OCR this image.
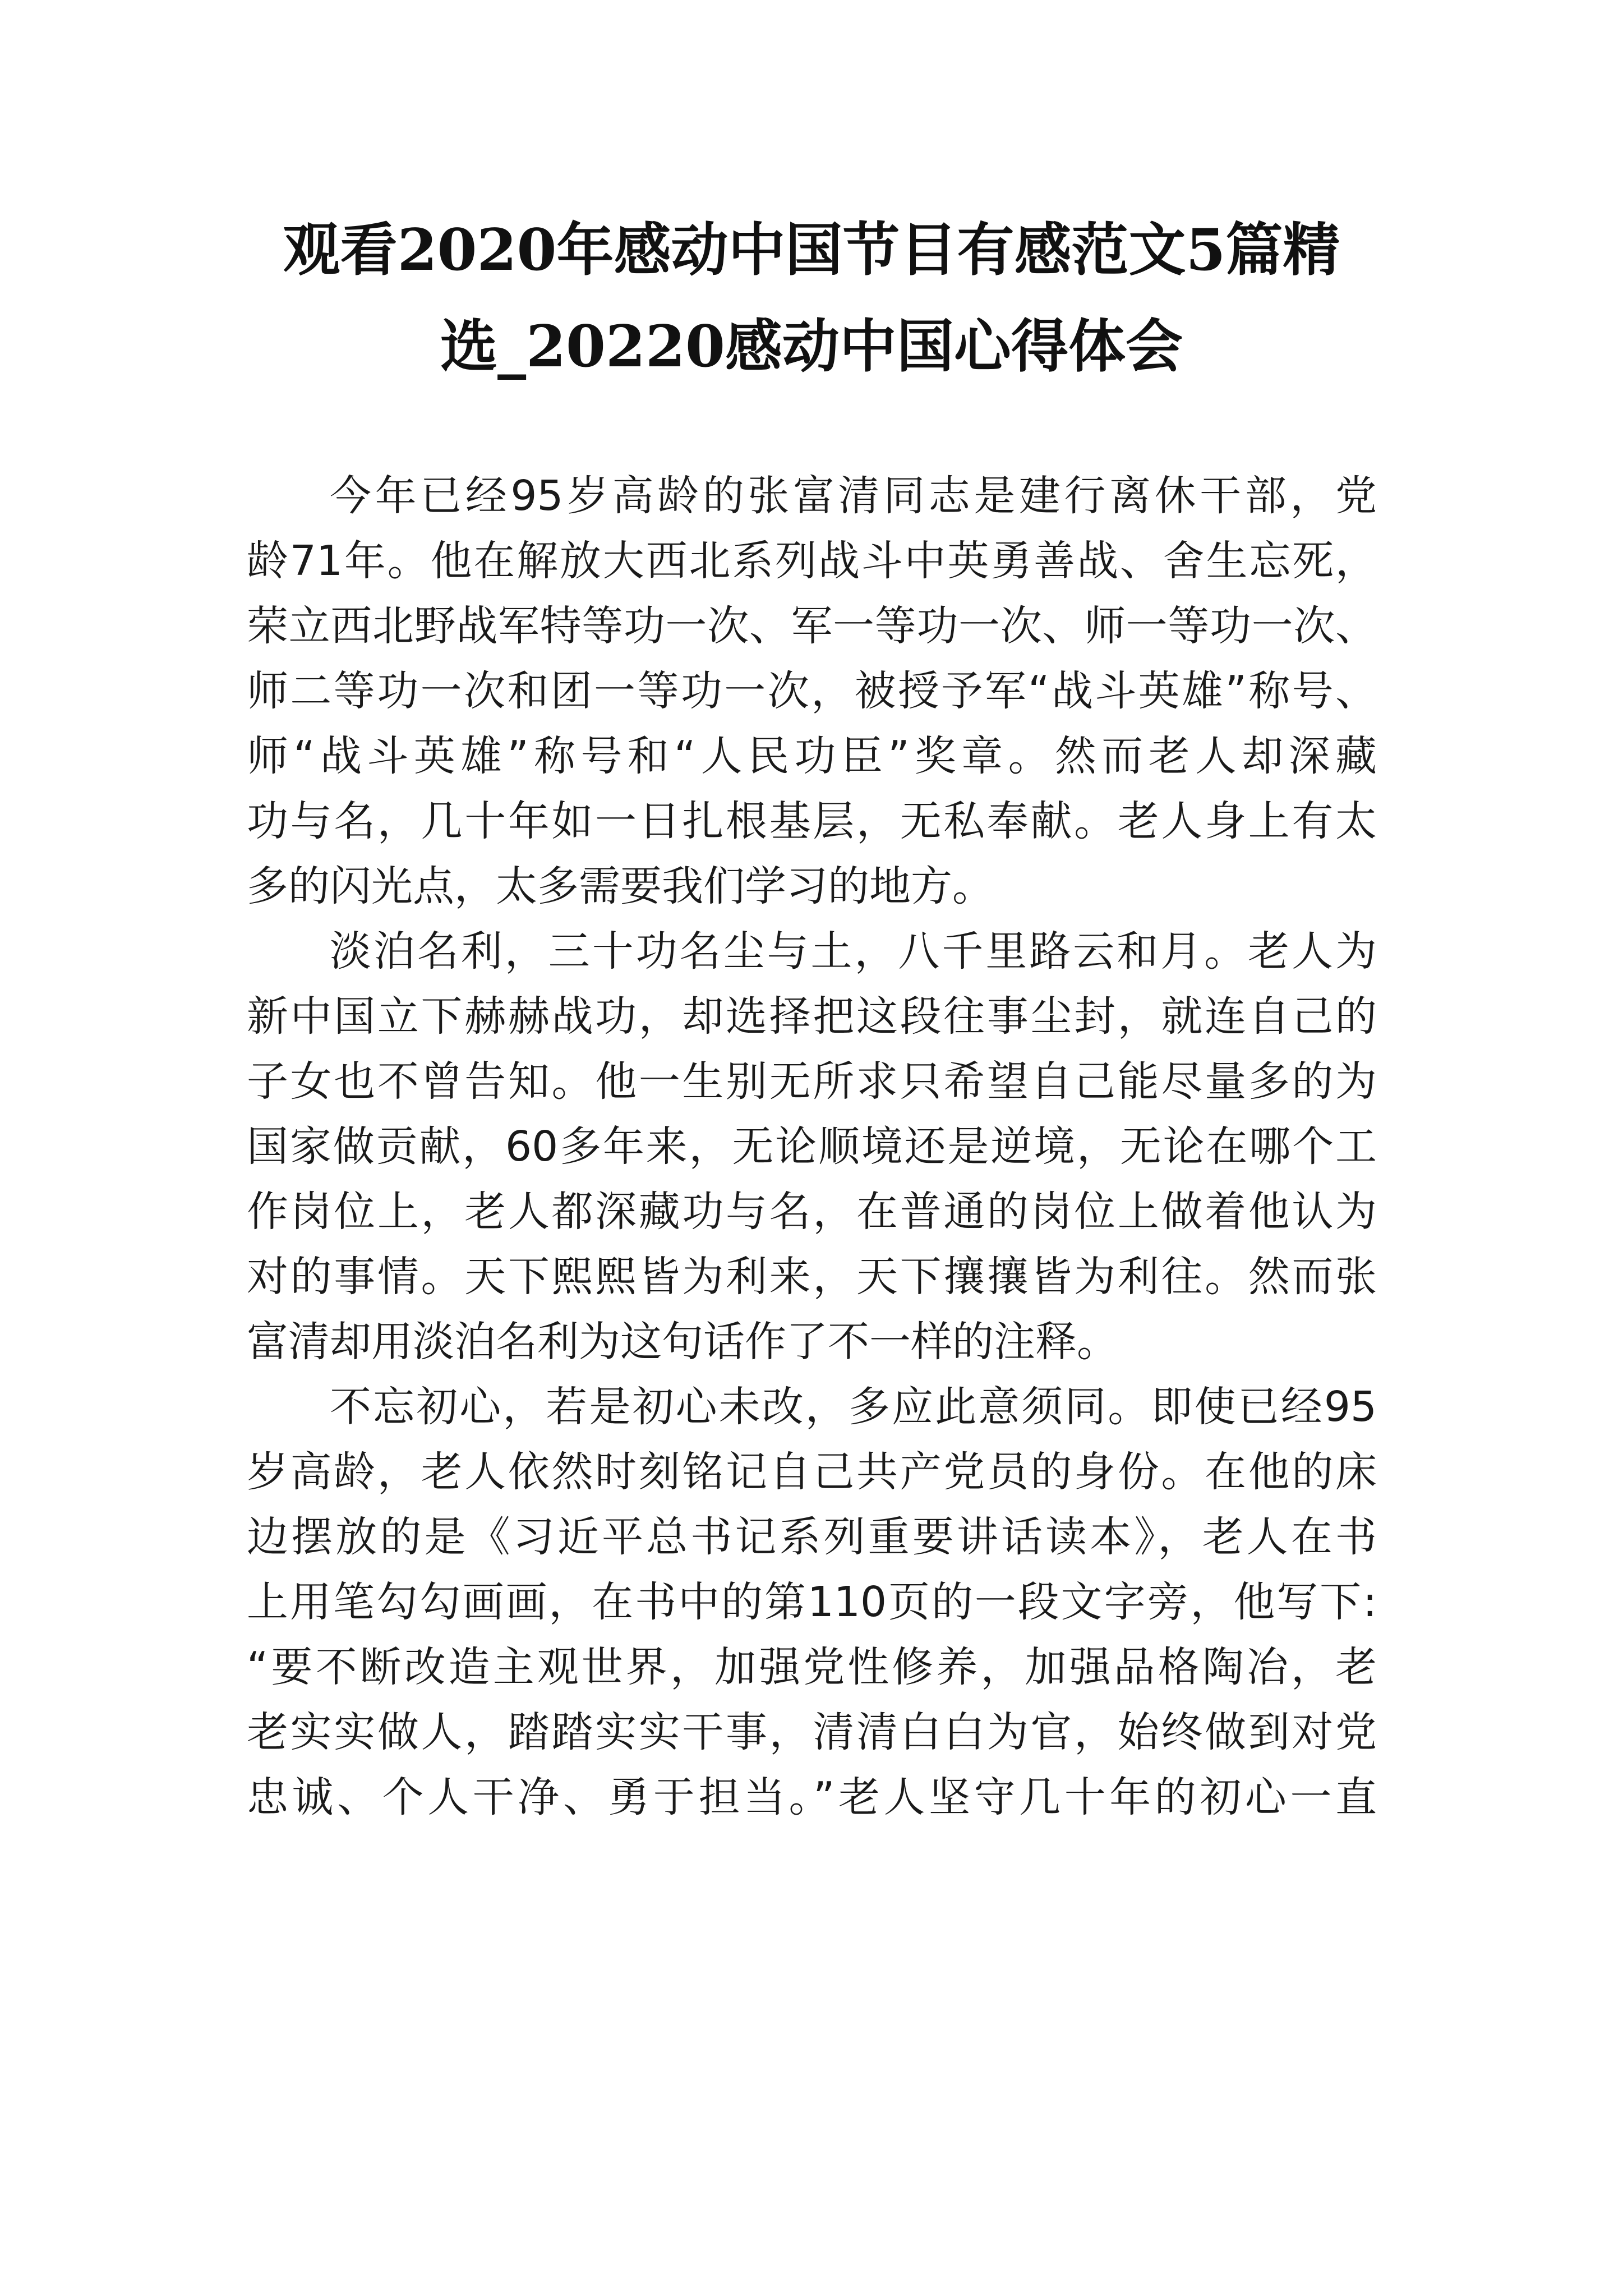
观看2020年感动中国节目有感范文5篇精
选_20220感动中国心得体会
今年已经95岁高龄的张富清同志是建行离休干部，党
龄71年。他在解放大西北系列战斗中英勇善战、舍生忘死，
荣立西北野战军特等功一次、军一等功一次、师一等功一次、
师二等功一次和团一等功一次，被授予军“战斗英雄”称号、
师“战斗英雄”称号和“人民功臣”奖章。然而老人却深藏
功与名，几十年如一日扎根基层，无私奉献。老人身上有太
多的闪光点，太多需要我们学习的地方。
淡泊名利，三十功名尘与土，八千里路云和月。老人为
新中国立下赫赫战功，却选择把这段往事尘封，就连自己的
子女也不曾告知。他一生别无所求只希望自己能尽量多的为
国家做贡献，60多年来，无论顺境还是逆境，无论在哪个工
作岗位上，老人都深藏功与名，在普通的岗位上做着他认为
对的事情。天下熙熙皆为利来，天下攘攘皆为利往。然而张
富清却用淡泊名利为这句话作了不一样的注释。
不忘初心，若是初心未改，多应此意须同。即使已经95
岁高龄，老人依然时刻铭记自己共产党员的身份。在他的床
边摆放的是《习近平总书记系列重要讲话读本》，老人在书
上用笔勾勾画画，在书中的第110页的一段文字旁，他写下:
“要不断改造主观世界，加强党性修养，加强品格陶冶，老
老实实做人，踏踏实实干事，清清白白为官，始终做到对党
忠诚、个人干净、勇于担当。”老人坚守几十年的初心一直
